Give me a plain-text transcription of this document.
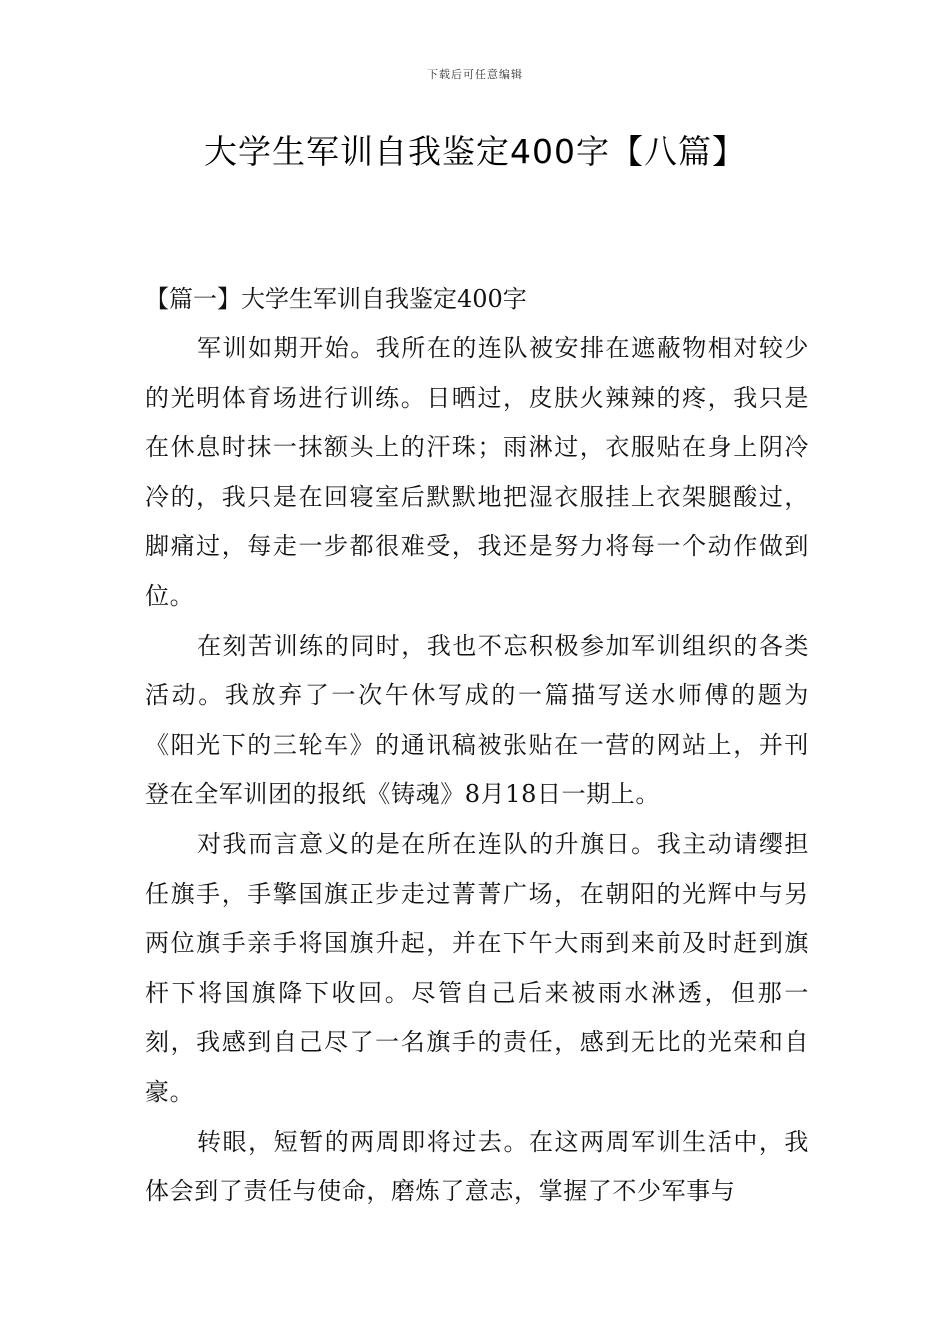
下载后可任意编辑
大学生军训自我鉴定400字【八篇】
【篇一】大学生军训自我鉴定400字

军训如期开始。我所在的连队被安排在遮蔽物相对较少的光明体育场进行训练。日晒过，皮肤火辣辣的疼，我只是在休息时抹一抹额头上的汗珠；雨淋过，衣服贴在身上阴冷冷的，我只是在回寝室后默默地把湿衣服挂上衣架腿酸过，脚痛过，每走一步都很难受，我还是努力将每一个动作做到位。

在刻苦训练的同时，我也不忘积极参加军训组织的各类活动。我放弃了一次午休写成的一篇描写送水师傅的题为《阳光下的三轮车》的通讯稿被张贴在一营的网站上，并刊登在全军训团的报纸《铸魂》8月18日一期上。

对我而言意义的是在所在连队的升旗日。我主动请缨担任旗手，手擎国旗正步走过菁菁广场，在朝阳的光辉中与另两位旗手亲手将国旗升起，并在下午大雨到来前及时赶到旗杆下将国旗降下收回。尽管自己后来被雨水淋透，但那一刻，我感到自己尽了一名旗手的责任，感到无比的光荣和自豪。

转眼，短暂的两周即将过去。在这两周军训生活中，我体会到了责任与使命，磨炼了意志，掌握了不少军事与
